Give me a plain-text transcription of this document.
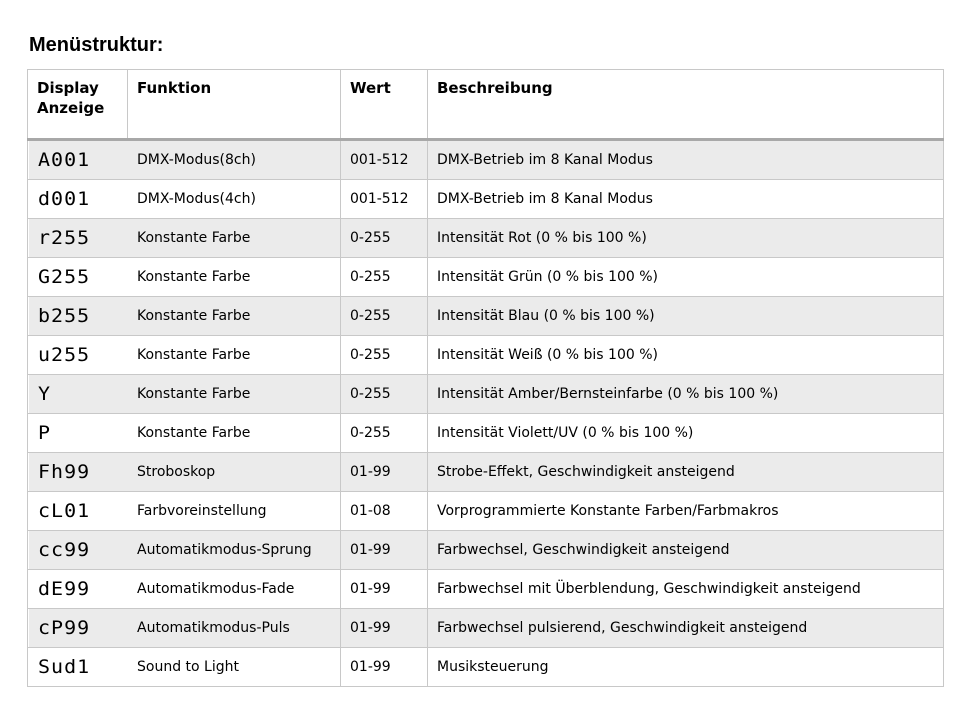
Menüstruktur:
Display
Anzeige	Funktion	Wert	Beschreibung
A001	DMX-Modus(8ch)	001-512	DMX-Betrieb im 8 Kanal Modus
d001	DMX-Modus(4ch)	001-512	DMX-Betrieb im 8 Kanal Modus
r255	Konstante Farbe	0-255	Intensität Rot (0 % bis 100 %)
G255	Konstante Farbe	0-255	Intensität Grün (0 % bis 100 %)
b255	Konstante Farbe	0-255	Intensität Blau (0 % bis 100 %)
u255	Konstante Farbe	0-255	Intensität Weiß (0 % bis 100 %)
Y	Konstante Farbe	0-255	Intensität Amber/Bernsteinfarbe (0 % bis 100 %)
P	Konstante Farbe	0-255	Intensität Violett/UV (0 % bis 100 %)
Fh99	Stroboskop	01-99	Strobe-Effekt, Geschwindigkeit ansteigend
cL01	Farbvoreinstellung	01-08	Vorprogrammierte Konstante Farben/Farbmakros
cc99	Automatikmodus-Sprung	01-99	Farbwechsel, Geschwindigkeit ansteigend
dE99	Automatikmodus-Fade	01-99	Farbwechsel mit Überblendung, Geschwindigkeit ansteigend
cP99	Automatikmodus-Puls	01-99	Farbwechsel pulsierend, Geschwindigkeit ansteigend
Sud1	Sound to Light	01-99	Musiksteuerung
